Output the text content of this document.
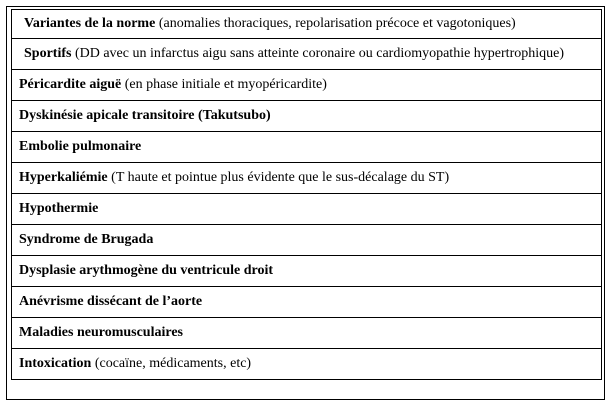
Variantes de la norme (anomalies thoraciques, repolarisation précoce et vagotoniques)
Sportifs (DD avec un infarctus aigu sans atteinte coronaire ou cardiomyopathie hypertrophique)
Péricardite aiguë (en phase initiale et myopéricardite)
Dyskinésie apicale transitoire (Takutsubo)
Embolie pulmonaire
Hyperkaliémie (T haute et pointue plus évidente que le sus-décalage du ST)
Hypothermie
Syndrome de Brugada
Dysplasie arythmogène du ventricule droit
Anévrisme dissécant de l’aorte
Maladies neuromusculaires
Intoxication (cocaïne, médicaments, etc)
